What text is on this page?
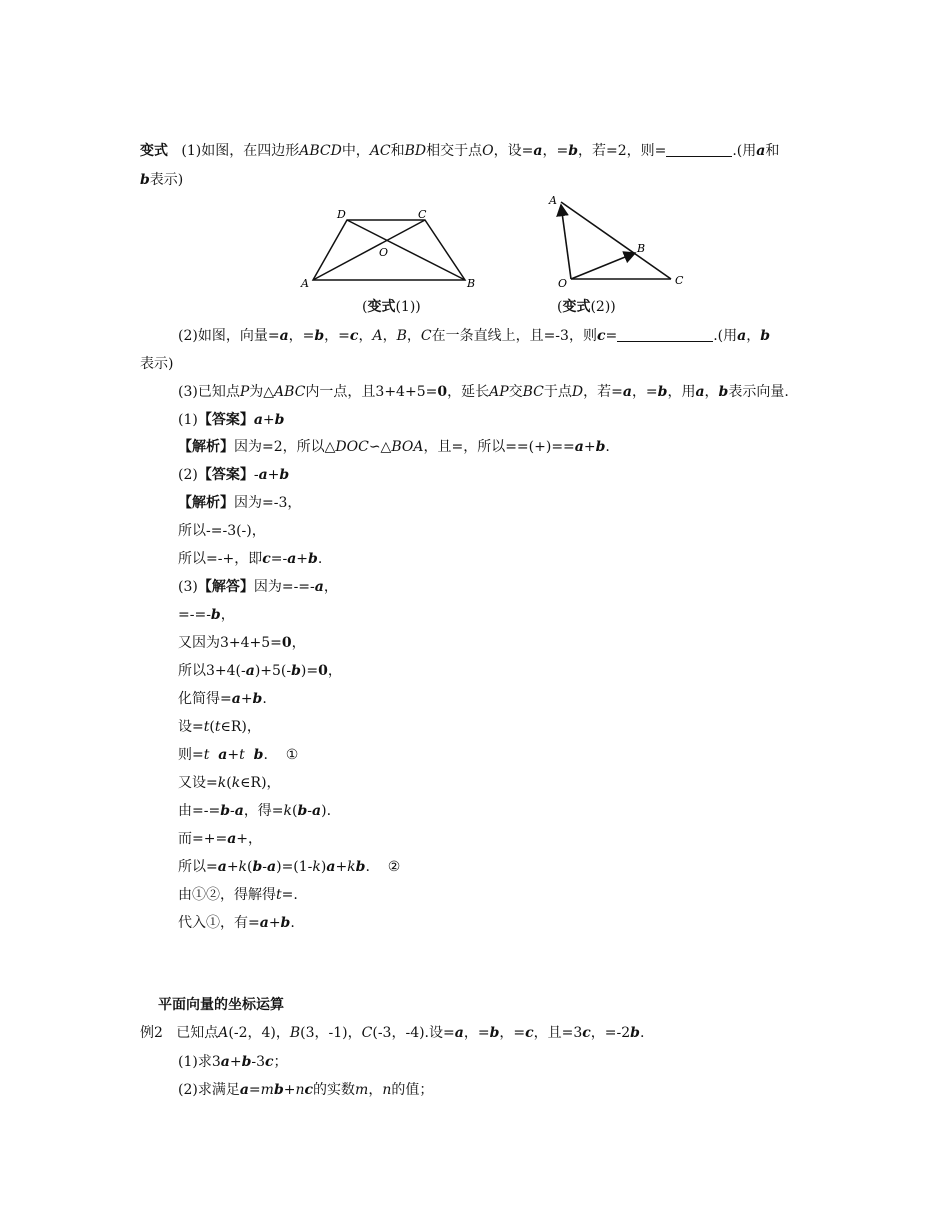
变式 (1)如图，在四边形ABCD中，AC和BD相交于点O，设=a，=b，若=2，则=	.(用a和
b表示)
D	C
O
A	B
(变式(1))
A
B
C
O
(变式(2))
(2)如图，向量=a，=b，=c，A，B，C在一条直线上，且=-3，则c=	.(用a，b
表示)
(3)已知点P为△ABC内一点，且3+4+5=0，延长AP交BC于点D，若=a，=b，用a，b表示向量.
(1)【答案】a+b
【解析】因为=2，所以△DOC∽△BOA，且=，所以==(+)==a+b.
(2)【答案】-a+b
【解析】因为=-3，
所以-=-3(-)，
所以=-+，即c=-a+b.
(3)【解答】因为=-=-a，
=-=-b，
又因为3+4+5=0，
所以3+4(-a)+5(-b)=0，
化简得=a+b.
设=t(t∈R)，
则=t a+t b. ①
又设=k(k∈R)，
由=-=b-a，得=k(b-a).
而=+=a+，
所以=a+k(b-a)=(1-k)a+kb. ②
由①②，得解得t=.
代入①，有=a+b.
平面向量的坐标运算
例2 已知点A(-2，4)，B(3，-1)，C(-3，-4).设=a，=b，=c，且=3c，=-2b.
(1)求3a+b-3c；
(2)求满足a=mb+nc的实数m，n的值；
